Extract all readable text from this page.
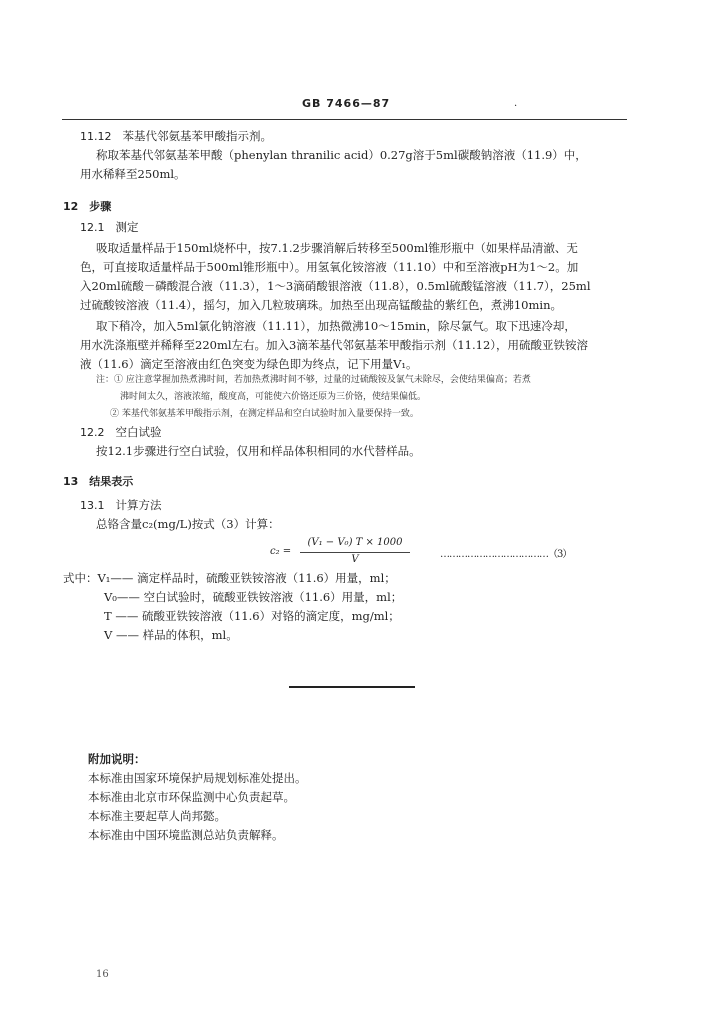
GB 7466—87	.
11.12 苯基代邻氨基苯甲酸指示剂。
称取苯基代邻氨基苯甲酸（phenylan thranilic acid）0.27g溶于5ml碳酸钠溶液（11.9）中，
用水稀释至250ml。
12 步骤
12.1 测定
吸取适量样品于150ml烧杯中，按7.1.2步骤消解后转移至500ml锥形瓶中（如果样品清澈、无
色，可直接取适量样品于500ml锥形瓶中）。用氢氧化铵溶液（11.10）中和至溶液pH为1～2。加
入20ml硫酸－磷酸混合液（11.3），1～3滴硝酸银溶液（11.8），0.5ml硫酸锰溶液（11.7），25ml
过硫酸铵溶液（11.4），摇匀，加入几粒玻璃珠。加热至出现高锰酸盐的紫红色，煮沸10min。
取下稍冷，加入5ml氯化钠溶液（11.11），加热微沸10～15min，除尽氯气。取下迅速冷却，
用水洗涤瓶壁并稀释至220ml左右。加入3滴苯基代邻氨基苯甲酸指示剂（11.12），用硫酸亚铁铵溶
液（11.6）滴定至溶液由红色突变为绿色即为终点，记下用量V₁。
注：① 应注意掌握加热煮沸时间，若加热煮沸时间不够，过量的过硫酸铵及氯气未除尽，会使结果偏高；若煮
沸时间太久，溶液浓缩，酸度高，可能使六价铬还原为三价铬，使结果偏低。
② 苯基代邻氨基苯甲酸指示剂，在测定样品和空白试验时加入量要保持一致。
12.2 空白试验
按12.1步骤进行空白试验，仅用和样品体积相同的水代替样品。
13 结果表示
13.1 计算方法
总铬含量c₂(mg/L)按式（3）计算：
c₂ =
(V₁ − V₀) T × 1000
V	………………………………（3）
式中：V₁—— 滴定样品时，硫酸亚铁铵溶液（11.6）用量，ml；
V₀—— 空白试验时，硫酸亚铁铵溶液（11.6）用量，ml；
T —— 硫酸亚铁铵溶液（11.6）对铬的滴定度，mg/ml；
V —— 样品的体积，ml。
附加说明：
本标准由国家环境保护局规划标准处提出。
本标准由北京市环保监测中心负责起草。
本标准主要起草人尚邦懿。
本标准由中国环境监测总站负责解释。
16
